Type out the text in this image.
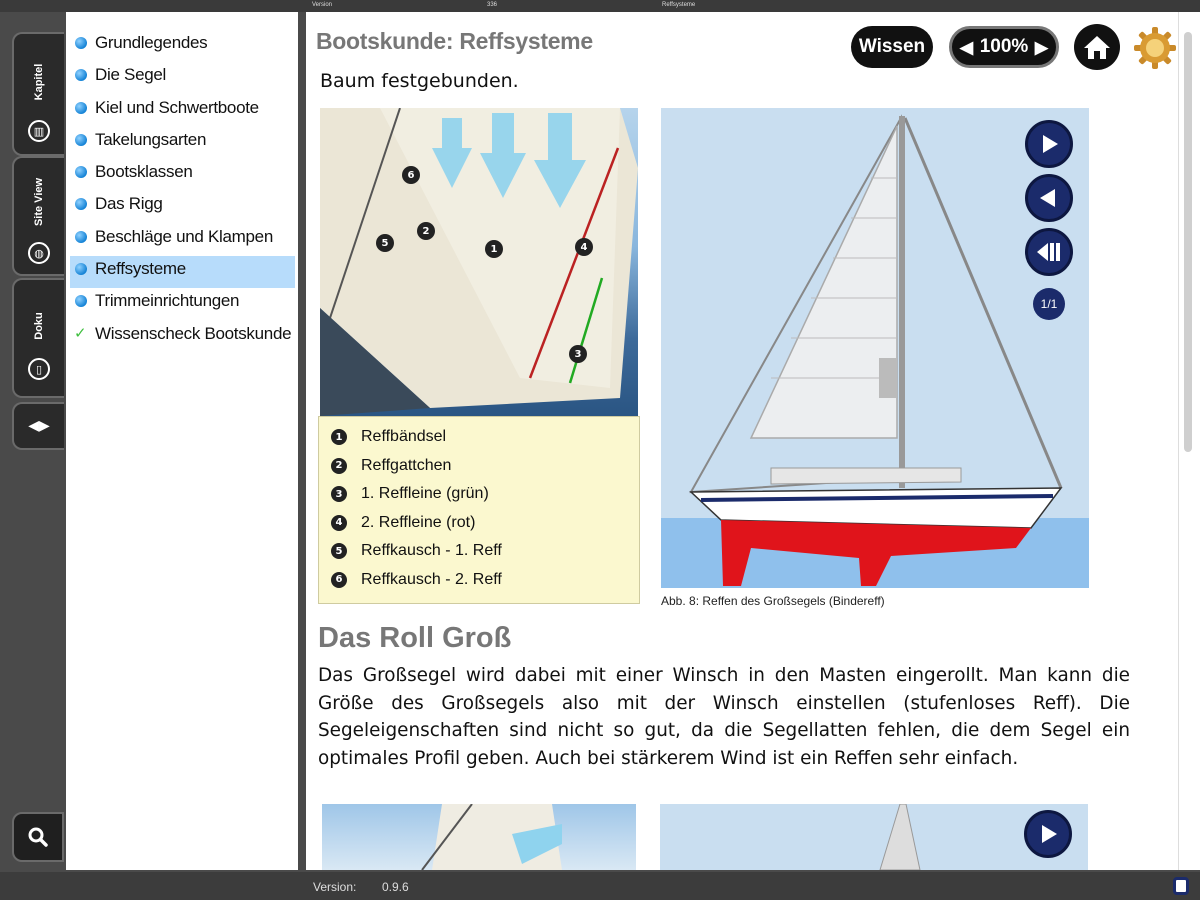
Version	336	Reffsysteme
Kapitel
▥
Site View
◍
Doku
▯
◀▶
Grundlegendes
Die Segel
Kiel und Schwertboote
Takelungsarten
Bootsklassen
Das Rigg
Beschläge und Klampen
Reffsysteme
Trimmeinrichtungen
✓ Wissenscheck Bootskunde
Bootskunde: Reffsysteme	Wissen	◀ 100% ▶
Baum festgebunden.
6
2
5
1	4
3
1 Reffbändsel
2 Reffgattchen
3 1. Reffleine (grün)
4 2. Reffleine (rot)
5 Reffkausch - 1. Reff
6 Reffkausch - 2. Reff
1/1
Abb. 8: Reffen des Großsegels (Bindereff)
Das Roll Groß
Das Großsegel wird dabei mit einer Winsch in den Masten eingerollt. Man kann die Größe des Großsegels also mit der Winsch einstellen (stufenloses Reff). Die Segeleigenschaften sind nicht so gut, da die Segellatten fehlen, die dem Segel ein optimales Profil geben. Auch bei stärkerem Wind ist ein Reffen sehr einfach.
Version: 0.9.6
